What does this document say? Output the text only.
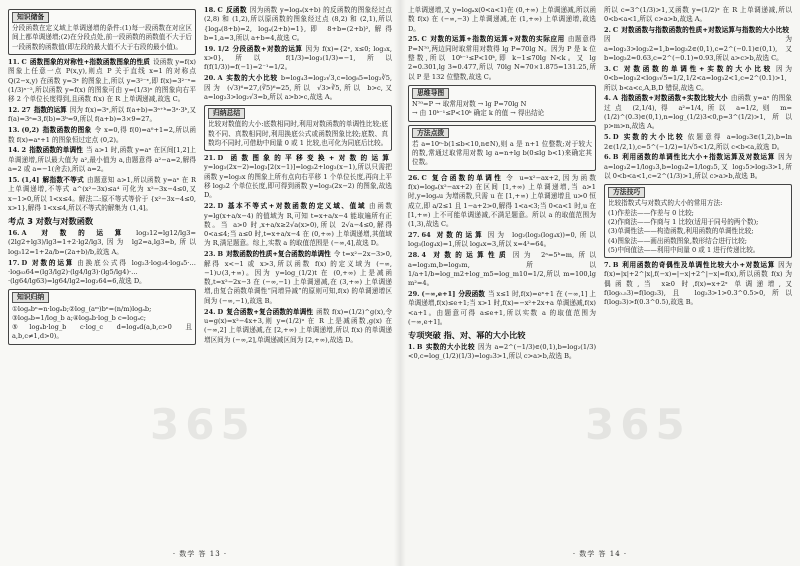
365
知识储备
分段函数在定义域上单调递增的条件:(1)每一段函数在对应区间上都单调递增;(2)在分段点处,前一段函数的函数值不大于后一段函数的函数值(即左段的最大值不大于右段的最小值)。

11. C 函数图象的对称性+指数函数图象的性质 设函数 y=f(x) 图象上任意一点 P(x,y),则点 P 关于直线 x=1 的对称点 Q(2−x,y) 在函数 y=3ˣ 的图象上,所以 y=3²⁻ˣ,即 f(x)=3²⁻ˣ=(1/3)ˣ⁻²,所以函数 y=f(x) 的图象可由 y=(1/3)ˣ 的图象向右平移 2 个单位长度得到,且函数 f(x) 在 R 上单调递减,故选 C。

12. 27 指数的运算 因为 f(x)=3ˣ,所以 f(a+b)=3ᵃ⁺ᵇ=3ᵃ·3ᵇ,又 f(a)=3ᵃ=3,f(b)=3ᵇ=9,所以 f(a+b)=3×9=27。

13. (0,2) 指数函数的图象 令 x=0,得 f(0)=a⁰+1=2,所以函数 f(x)=aˣ+1 的图象恒过定点 (0,2)。

14. 2 指数函数的单调性 当 a>1 时,函数 y=aˣ 在区间[1,2]上单调递增,所以最大值为 a²,最小值为 a,由题意得 a²−a=2,解得 a=2 或 a=−1(舍去),所以 a=2。

15. (1,4] 解指数不等式 由题意知 a>1,所以函数 y=aˣ 在 R 上单调递增,不等式 a^(x²−3x)≤a⁴ 可化为 x²−3x−4≤0,又 x−1>0,所以 1<x≤4。解法二:原不等式等价于 {x²−3x−4≤0, x>1},解得 1<x≤4,所以不等式的解集为 (1,4]。

考点 3 对数与对数函数

16. A 对数的运算 log₃12=lg12/lg3=(2lg2+lg3)/lg3=1+2·lg2/lg3,因为 lg2=a,lg3=b,所以 log₃12=1+2a/b=(2a+b)/b,故选 A。

17. D 对数的运算 由换底公式得 log₂3·log₃4·log₄5·…·log₆₃64=(lg3/lg2)·(lg4/lg3)·(lg5/lg4)·…·(lg64/lg63)=lg64/lg2=log₂64=6,故选 D。

知识归纳
①logₐbⁿ=n·logₐb;②log_(aᵐ)bⁿ=(n/m)logₐb;
③logₐb=1/log_b a;④logₐb·log_b c=logₐc;
⑤logₐb·log_b c·log_c d=logₐd(a,b,c>0 且 a,b,c≠1,d>0)。

18. C 反函数 因为函数 y=logₐ(x+b) 的反函数的图象经过点 (2,8) 和 (1,2),所以原函数的图象经过点 (8,2) 和 (2,1),所以 {logₐ(8+b)=2, logₐ(2+b)=1},即 8+b=(2+b)²,解得 b=1,a=3,所以 a+b=4,故选 C。

19. 1/2 分段函数+对数的运算 因为 f(x)={2ˣ, x≤0; log₃x, x>0},所以 f(1/3)=log₃(1/3)=−1,所以 f(f(1/3))=f(−1)=2⁻¹=1/2。

20. A 实数的大小比较 b=log₄3=log₂√3,c=log₈5=log₂∛5,因为 (√3)⁶=27,(∛5)⁶=25,所以 √3>∛5,所以 b>c,又 a=log₂3>log₂√3=b,所以 a>b>c,故选 A。

归纳总结
比较对数值的大小:底数相同时,利用对数函数的单调性比较;底数不同、真数相同时,利用换底公式或函数图象比较;底数、真数均不同时,可借助中间量 0 或 1 比较,也可化为同底后比较。

21. D 函数图象的平移变换+对数的运算y=log₃(2x−2)=log₃[2(x−1)]=log₃2+log₃(x−1),所以只需把函数 y=log₃x 的图象上所有点向右平移 1 个单位长度,再向上平移 log₃2 个单位长度,即可得到函数 y=log₃(2x−2) 的图象,故选 D。

22. D 基本不等式+对数函数的定义域、值域 由函数 y=lg(x+a/x−4) 的值域为 R,可知 t=x+a/x−4 能取遍所有正数。当 a>0 时,x+a/x≥2√a(x>0),所以 2√a−4≤0,解得 0<a≤4;当 a≤0 时,t=x+a/x−4 在 (0,+∞) 上单调递增,其值域为 R,满足题意。综上,实数 a 的取值范围是 (−∞,4],故选 D。

23. B 对数函数的性质+复合函数的单调性 令 t=x²−2x−3>0,解得 x<−1 或 x>3,所以函数 f(x) 的定义域为 (−∞,−1)∪(3,+∞)。因为 y=log_(1/2)t 在 (0,+∞) 上是减函数,t=x²−2x−3 在 (−∞,−1) 上单调递减,在 (3,+∞) 上单调递增,由复合函数单调性“同增异减”的原则可知,f(x) 的单调递增区间为 (−∞,−1),故选 B。

24. D 复合函数+复合函数的单调性 函数 f(x)=(1/2)^g(x),令 u=g(x)=x²−4x+3,则 y=(1/2)ᵘ 在 R 上是减函数,g(x) 在 (−∞,2] 上单调递减,在 [2,+∞) 上单调递增,所以 f(x) 的单调递增区间为 (−∞,2],单调递减区间为 [2,+∞),故选 D。

· 数学 答 13 ·
365

上单调递增,又 y=logₐx(0<a<1)在 (0,+∞) 上单调递减,所以函数 f(x) 在 (−∞,−3) 上单调递减,在 (1,+∞) 上单调递增,故选 D。

25. C 对数的运算+指数的运算+对数的实际应用 由题意得 P=N⁷⁰,两边同时取常用对数得 lg P=70lg N。因为 P 是 k 位整数,所以 10ᵏ⁻¹≤P<10ᵏ,即 k−1≤70lg N<k。又 lg 2≈0.301,lg 3≈0.477,所以 70lg N≈70×1.875=131.25,所以 P 是 132 位整数,故选 C。

思维导图
N⁷⁰=P → 取常用对数 → lg P=70lg N
→ 由 10ᵏ⁻¹≤P<10ᵏ 确定 k 的值 → 得出结论
方法点拨
若 a=10ⁿ·b(1≤b<10,n∈N),则 a 是 n+1 位整数;对于较大的数,常通过取常用对数 lg a=n+lg b(0≤lg b<1)来确定其位数。

26. C 复合函数的单调性 令 u=x²−ax+2,因为函数 f(x)=logₐ(x²−ax+2) 在区间 [1,+∞) 上单调递增,当 a>1 时,y=logₐu 为增函数,只需 u 在 [1,+∞) 上单调递增且 u>0 恒成立,即 a/2≤1 且 1−a+2>0,解得 1<a<3;当 0<a<1 时,u 在 [1,+∞) 上不可能单调递减,不满足题意。所以 a 的取值范围为 (1,3),故选 C。

27. 64 对数的运算 因为 log₂(log₃(log₄x))=0,所以 log₃(log₄x)=1,所以 log₄x=3,所以 x=4³=64。

28. 4 对数的运算性质 因为 2ᵃ=5ᵇ=m,所以 a=log₂m,b=log₅m,所以 1/a+1/b=log_m2+log_m5=log_m10=1/2,所以 m=100,lg m²=4。

29. (−∞,e+1] 分段函数 当 x≤1 时,f(x)=eˣ+1 在 (−∞,1] 上单调递增,f(x)≤e+1;当 x>1 时,f(x)=−x²+2x+a 单调递减,f(x)<a+1。由题意可得 a≤e+1,所以实数 a 的取值范围为 (−∞,e+1]。

专项突破 指、对、幂的大小比较

1. B 实数的大小比较 因为 a=2^(−1/3)∈(0,1),b=log₂(1/3)<0,c=log_(1/2)(1/3)=log₂3>1,所以 c>a>b,故选 B。

所以 c=3^(1/3)>1,又函数 y=(1/2)ˣ 在 R 上单调递减,所以 0<b<a<1,所以 c>a>b,故选 A。

2. C 对数函数与指数函数的性质+对数运算与指数的大小比较因为 a=log₂3>log₂2=1,b=log₃2∈(0,1),c=2^(−0.1)∈(0,1),又 b=log₃2≈0.63,c=2^(−0.1)≈0.93,所以 a>c>b,故选 C。

3. C 对数函数的单调性+实数的大小比较 因为 0<b=log₅2<log₅√5=1/2,1/2<a=log₃2<1,c=2^(0.1)>1,所以 b<a<c,A,B,D 错误,故选 C。

4. A 指数函数+对数函数+实数比较大小 由函数 y=aˣ 的图象过点 (2,1/4),得 a²=1/4,所以 a=1/2,则 m=(1/2)^(0.3)∈(0,1),n=log_(1/2)3<0,p=3^(1/2)>1,所以 p>m>n,故选 A。

5. D 实数的大小比较 依题意得 a=log₂3∈(1,2),b=ln 2∈(1/2,1),c=5^(−1/2)=1/√5<1/2,所以 c<b<a,故选 D。

6. B 利用函数的单调性比大小+指数运算及对数运算 因为 a=log₃2=1/log₂3,b=log₅2=1/log₂5,又 log₂5>log₂3>1,所以 0<b<a<1,c=2^(1/3)>1,所以 c>a>b,故选 B。

方法技巧
比较指数式与对数式的大小的常用方法:
(1)作差法——作差与 0 比较;
(2)作商法——作商与 1 比较(适用于同号的两个数);
(3)单调性法——构造函数,利用函数的单调性比较;
(4)图象法——画出函数图象,数形结合进行比较;
(5)中间值法——利用中间量 0 或 1 进行传递比较。

7. B 利用函数的奇偶性及单调性比较大小+对数运算 因为 f(x)=|x|+2^|x|,f(−x)=|−x|+2^|−x|=f(x),所以函数 f(x) 为偶函数,当 x≥0 时,f(x)=x+2ˣ 单调递增,又 f(log₀.₅3)=f(log₂3),且 log₂3>1>0.3^0.5>0,所以 f(log₂3)>f(0.3^0.5),故选 B。

· 数学 答 14 ·
